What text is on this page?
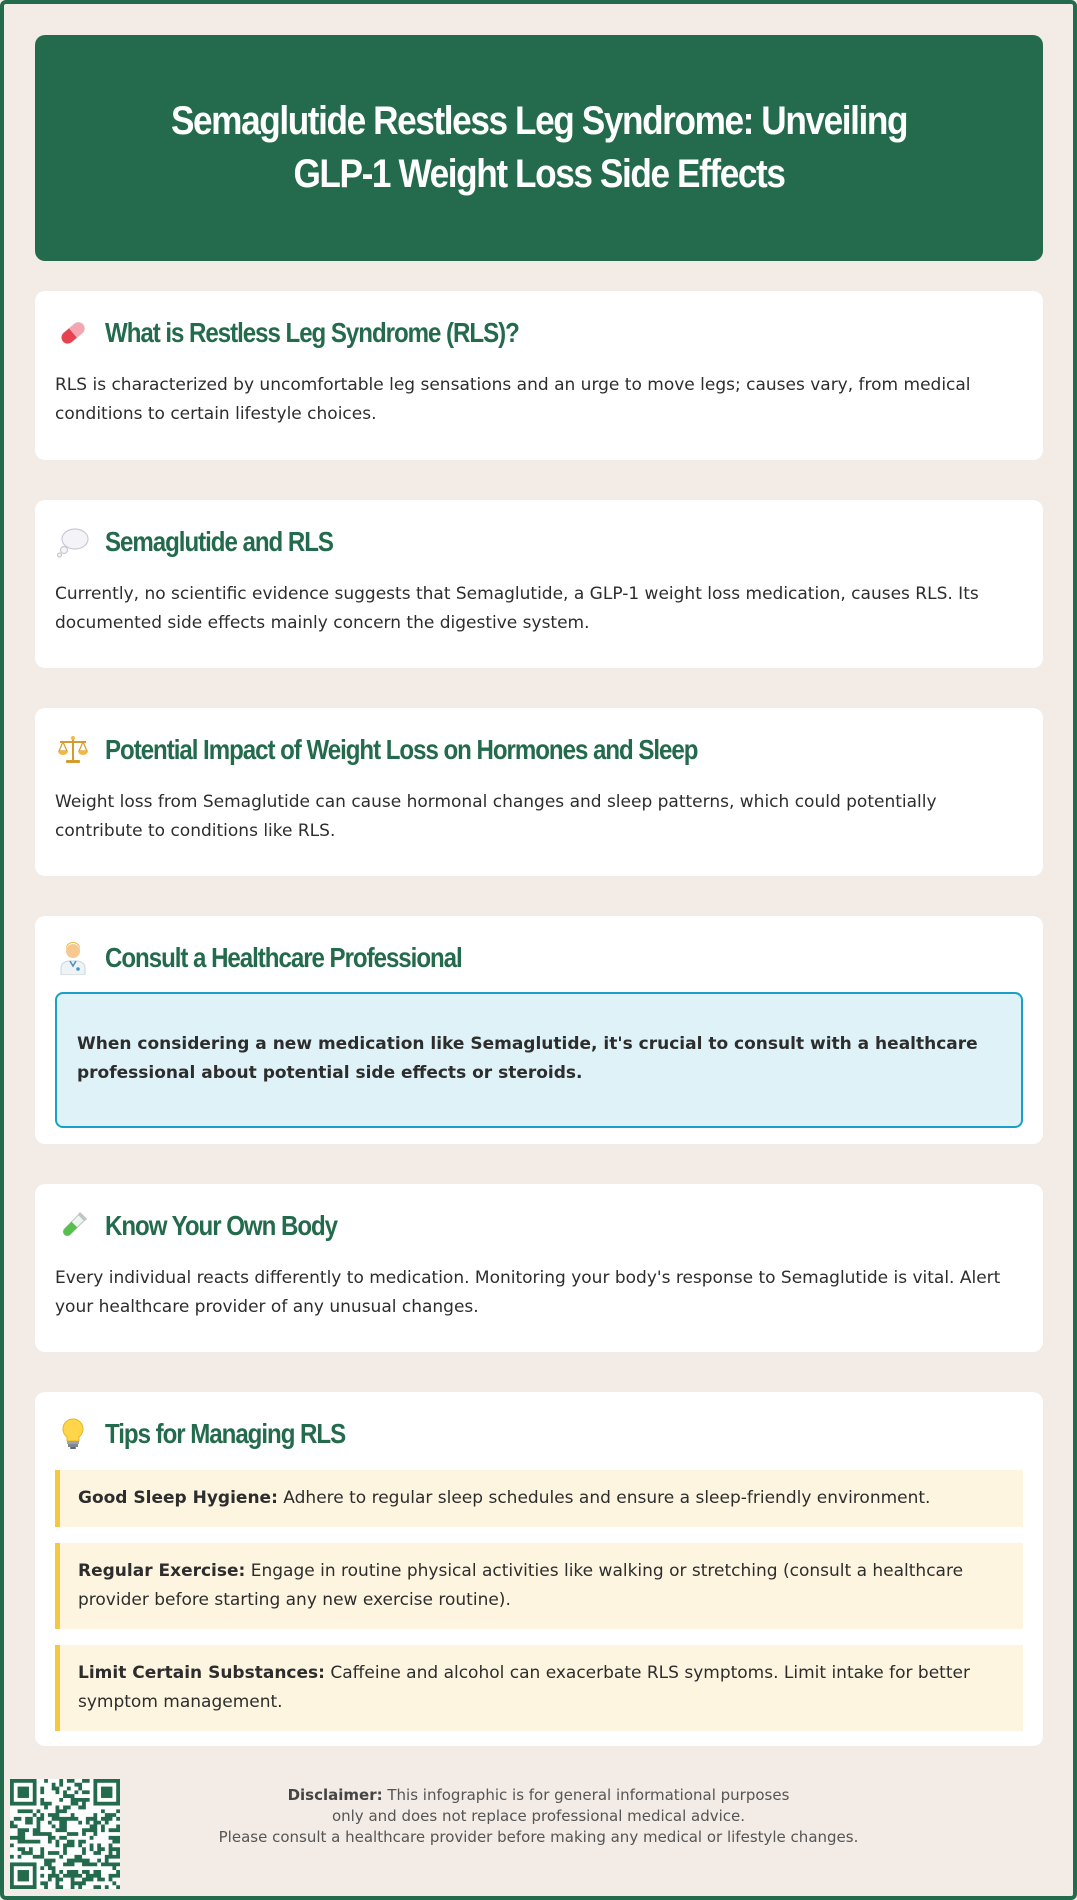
Semaglutide Restless Leg Syndrome: Unveiling GLP-1 Weight Loss Side Effects
What is Restless Leg Syndrome (RLS)?

RLS is characterized by uncomfortable leg sensations and an urge to move legs; causes vary, from medical conditions to certain lifestyle choices.

Semaglutide and RLS

Currently, no scientific evidence suggests that Semaglutide, a GLP-1 weight loss medication, causes RLS. Its documented side effects mainly concern the digestive system.

Potential Impact of Weight Loss on Hormones and Sleep

Weight loss from Semaglutide can cause hormonal changes and sleep patterns, which could potentially contribute to conditions like RLS.

Consult a Healthcare Professional
When considering a new medication like Semaglutide, it's crucial to consult with a healthcare professional about potential side effects or steroids.
Know Your Own Body

Every individual reacts differently to medication. Monitoring your body's response to Semaglutide is vital. Alert your healthcare provider of any unusual changes.

Tips for Managing RLS
Good Sleep Hygiene: Adhere to regular sleep schedules and ensure a sleep-friendly environment.
Regular Exercise: Engage in routine physical activities like walking or stretching (consult a healthcare provider before starting any new exercise routine).
Limit Certain Substances: Caffeine and alcohol can exacerbate RLS symptoms. Limit intake for better symptom management.
Disclaimer: This infographic is for general informational purposes
only and does not replace professional medical advice.
Please consult a healthcare provider before making any medical or lifestyle changes.
